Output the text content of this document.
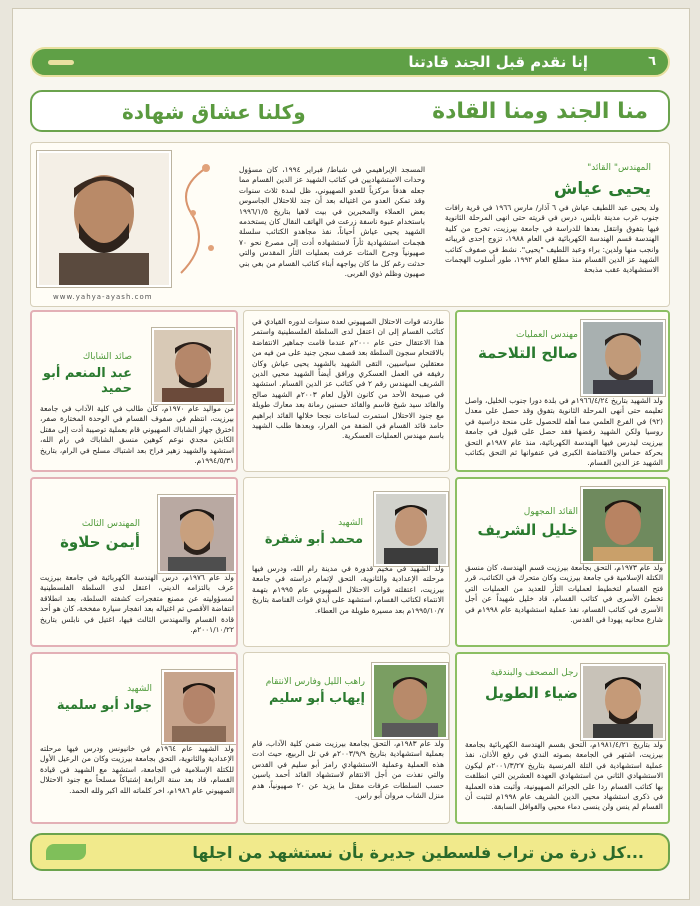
إنا نقدم قبل الجند قادتنا	٦
منا الجند ومنا القادة
وكلنا عشاق شهادة
www.yahya-ayash.com
المسجد الإبراهيمي في شباط/ فبراير ١٩٩٤، كان مسؤول وحدات الاستشهاديين في كتائب الشهيد عز الدين القسام مما جعله هدفاً مركزياً للعدو الصهيوني، ظل لمدة ثلاث سنوات وقد تمكن العدو من اغتياله بعد أن جند للاحتلال الجاسوس بعض العملاء والمخبرين في بيت لاهيا بتاريخ ١٩٩٦/١/٥ باستخدام عبوة ناسفة زرعت في الهاتف النقال كان يستخدمه الشهيد يحيى عياش أحياناً، نفذ مجاهدو الكتائب سلسلة هجمات استشهادية ثأراً لاستشهاده أدت إلى مصرع نحو ٧٠ صهيونياً وجرح المئات عرفت بعمليات الثأر المقدس والتي حدثت رغم كل ما كان يواجهه أبناء كتائب القسام من بغي بني صهيون وظلم ذوي القربى.
"المهندس" القائد
يحيى عياش
ولد يحيى عبد اللطيف عياش في ٦ آذار/ مارس ١٩٦٦ في قرية رافات جنوب غرب مدينة نابلس، درس في قريته حتى انهى المرحلة الثانوية فيها بتفوق وانتقل بعدها للدراسة في جامعة بيرزيت، تخرج من كلية الهندسة قسم الهندسة الكهربائية في العام ١٩٨٨، تزوج إحدى قريباته وانجب منها ولدين: براء وعبد اللطيف "يحيى". نشط في صفوف كتائب الشهيد عز الدين القسام منذ مطلع العام ١٩٩٢، طور أسلوب الهجمات الاستشهادية عقب مذبحة
مهندس العمليات
صالح التلاحمة
ولد الشهيد بتاريخ ١٩٦٦/٤/٢٤م في بلدة دورا جنوب الخليل، واصل تعليمه حتى أنهى المرحلة الثانوية بتفوق وقد حصل على معدل (٩٢) في الفرع العلمي مما أهله للحصول على منحة دراسية في روسيا ولكن الشهيد رفضها فقد حصل على قبول في جامعة بيرزيت ليدرس فيها الهندسة الكهربائية، منذ عام ١٩٨٧م التحق بحركة حماس والانتفاضة الكبرى في عنفوانها ثم التحق بكتائب الشهيد عز الدين القسام.
طاردته قوات الاحتلال الصهيوني لعدة سنوات لدوره القيادي في كتائب القسام إلى ان اعتقل لدى السلطة الفلسطينية واستمر هذا الاعتقال حتى عام ٢٠٠٠م عندما قامت جماهير الانتفاضة بالاقتحام سجون السلطة بعد قصف سجن جنيد على من فيه من معتقلين سياسيين، التقى الشهيد بالشهيد يحيى عياش وكان رفيقه في العمل العسكري ورافق أيضاً الشهيد محيي الدين الشريف المهندس رقم ٢ في كتائب عز الدين القسام. استشهد في صبيحة الأحد من كانون الأول لعام ٢٠٠٣م الشهيد صالح والقائد سيد شيخ قاسم والقائد حسنين رمانة بعد معارك طويلة مع جنود الاحتلال استمرت لساعات نجحا خلالها القائد ابراهيم حامد قائد القسام في الضفة من الفرار، وبعدها طلب الشهيد باسم مهندس العمليات العسكرية.
صائد الشاباك
عبد المنعم أبو حميد
من مواليد عام ١٩٧٠م، كان طالب في كلية الآداب في جامعة بيرزيت، انتظم في صفوف القسام في الوحدة المختارة صفر، اخترق جهاز الشاباك الصهيوني قام بعملية توصيبة أدت إلى مقتل الكابتن مجدي نوعم كوهين منسق الشاباك في رام الله، استشهد والشهيد زهير فراح بعد اشتباك مسلح في الرام، بتاريخ ١٩٩٤/٥/٣١م.
القائد المجهول
خليل الشريف
ولد عام ١٩٧٣م، التحق بجامعة بيرزيت قسم الهندسة، كان منسق الكتلة الإسلامية في جامعة بيرزيت وكان متحرك في الكتائب، قرر فتح القسام لتخطيط لعمليات الثأر للعديد من العمليات التي تخطئ الأسرى في كتائب القسام، قاد خليل شهيداً عن أجل الأسرى في كتائب القسام، نفذ عملية استشهادية عام ١٩٩٨م في شارع محانيه يهودا في القدس.
الشهيد
محمد أبو شقرة
ولد الشهيد في مخيم قدورة في مدينة رام الله، ودرس فيها مرحلته الإعدادية والثانوية، التحق لإتمام دراسته في جامعة بيرزيت، اعتقلته قوات الاحتلال الصهيوني عام ١٩٩٥م بتهمة الانتماء لكتائب القسام، استشهد على أيدي قوات القناصة بتاريخ ١٩٩٥/١٠/٧م بعد مسيرة طويلة من العطاء.
المهندس الثالث
أيمن حلاوة
ولد عام ١٩٧٦م، درس الهندسة الكهربائية في جامعة بيرزيت عرف بالتزامه الديني، اعتقل لدى السلطة الفلسطينية لمسؤوليته عن مصنع متفجرات كشفته السلطة، بعد انطلاقة انتفاضة الأقصى تم اغتياله بعد انفجار سيارة مفخخة، كان هو أحد قادة القسام والمهندس الثالث فيها، اغتيل في نابلس بتاريخ ٢٠٠١/١٠/٢٢م.
رجل المصحف والبندقية
ضياء الطويل
ولد بتاريخ ١٩٨١/٤/٢١م، التحق بقسم الهندسة الكهربائية بجامعة بيرزيت، اشتهر في الجامعة بصوته الندي في رفع الأذان، نفذ عملية استشهادية في التلة الفرنسية بتاريخ ٢٠٠١/٣/٢٧م ليكون الاستشهادي الثاني من استشهادي العهدة العشرين التي انطلقت بها كتائب القسام ردا على الجرائم الصهيونية، وأثبت هذه العملية في ذكرى استشهاد محيي الدين الشريف عام ١٩٩٨م لتثبت أن القسام لم ينس ولن ينسى دماء محيي والقوافل السابقة.
راهب الليل وفارس الانتقام
إيهاب أبو سليم
ولد عام ١٩٨٣م، التحق بجامعة بيرزيت ضمن كلية الآداب، قام بعملية استشهادية بتاريخ ٢٠٠٣/٩/٩م في تل الربيع، حيث ادت هذه العملية وعملية الاستشهادي رامز أبو سليم في القدس والتي نفذت من أجل الانتقام لاستشهاد القائد أحمد ياسين حسب السلطات عرفات مقتل ما يزيد عن ٢٠ صهيونياً، هدم منزل الشاب مروان أبو راس.
الشهيد
جواد أبو سلمية
ولد الشهيد عام ١٩٦٤م في خانيونس ودرس فيها مرحلته الإعدادية والثانوية، التحق بجامعة بيرزيت وكان من الرعيل الأول للكتلة الإسلامية في الجامعة، استشهد مع الشهيد في قيادة القسام، قاد بعد سنة الرابعة إشتباكاً مسلحاً مع جنود الاحتلال الصهيوني عام ١٩٨٦م، اخر كلماته الله اكبر ولله الحمد.
كل ذرة من تراب فلسطين جديرة بأن نستشهد من اجلها...
